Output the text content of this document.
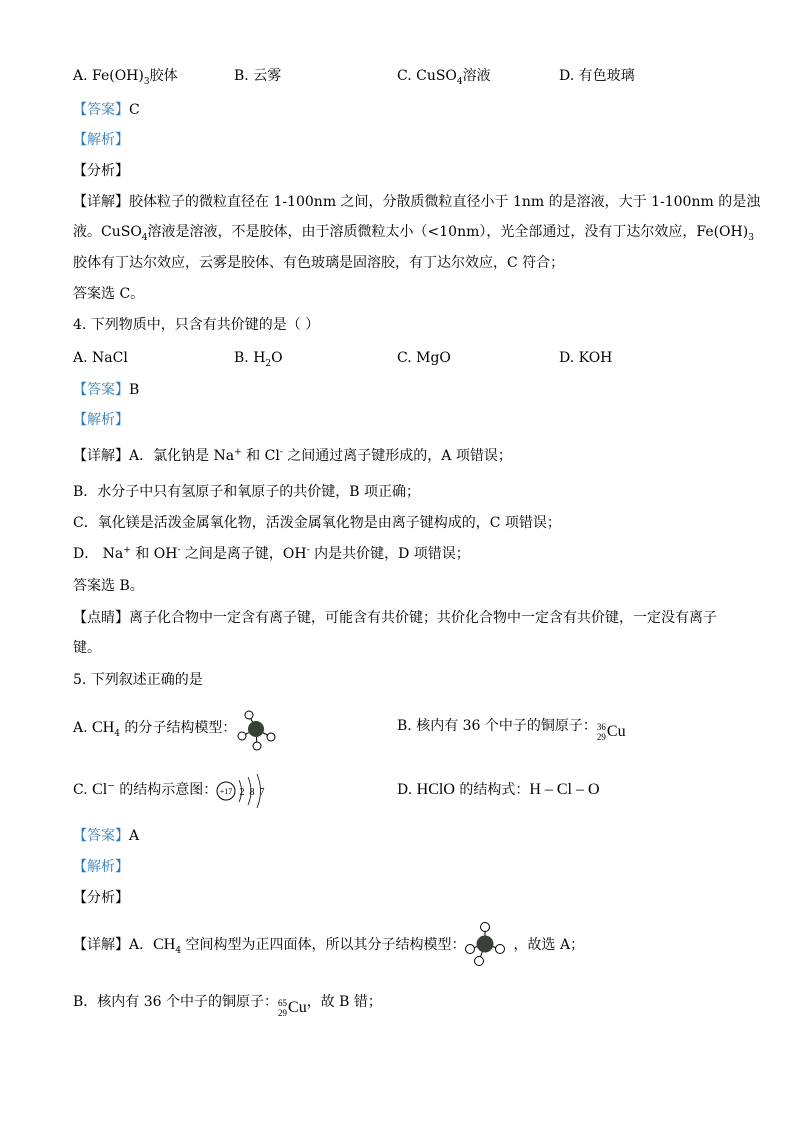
A. $Fe(OH)_3$胶体	B. 云雾	C. CuSO$_4$溶液	D. 有色玻璃
【答案】C
【解析】
【分析】
【详解】胶体粒子的微粒直径在 1-100nm 之间，分散质微粒直径小于 1nm 的是溶液，大于 1-100nm 的是浊
液。CuSO$_4$溶液是溶液，不是胶体，由于溶质微粒太小（<10nm），光全部通过，没有丁达尔效应，$Fe(OH)_3$
胶体有丁达尔效应，云雾是胶体、有色玻璃是固溶胶，有丁达尔效应，C 符合；
答案选 C。
4. 下列物质中，只含有共价键的是（ ）
A. NaCl	B. $H_2O$	C. MgO	D. KOH
【答案】B
【解析】
【详解】A．氯化钠是 Na+ 和 Cl- 之间通过离子键形成的，A 项错误；
B．水分子中只有氢原子和氧原子的共价键，B 项正确；
C．氧化镁是活泼金属氧化物，活泼金属氧化物是由离子键构成的，C 项错误；
D． Na+ 和 OH- 之间是离子键，OH- 内是共价键，D 项错误；
答案选 B。
【点睛】离子化合物中一定含有离子键，可能含有共价键；共价化合物中一定含有共价键，一定没有离子
键。
5. 下列叙述正确的是
A. $CH_4$ 的分子结构模型：	B. 核内有 36 个中子的铜原子： 36
29 Cu
C. Cl− 的结构示意图： +17 2 8 7	D. HClO 的结构式：H – Cl – O
【答案】A
【解析】
【分析】
【详解】A．$CH_4$ 空间构型为正四面体，所以其分子结构模型：	，故选 A；
B．核内有 36 个中子的铜原子： 65
29 Cu ，故 B 错；
